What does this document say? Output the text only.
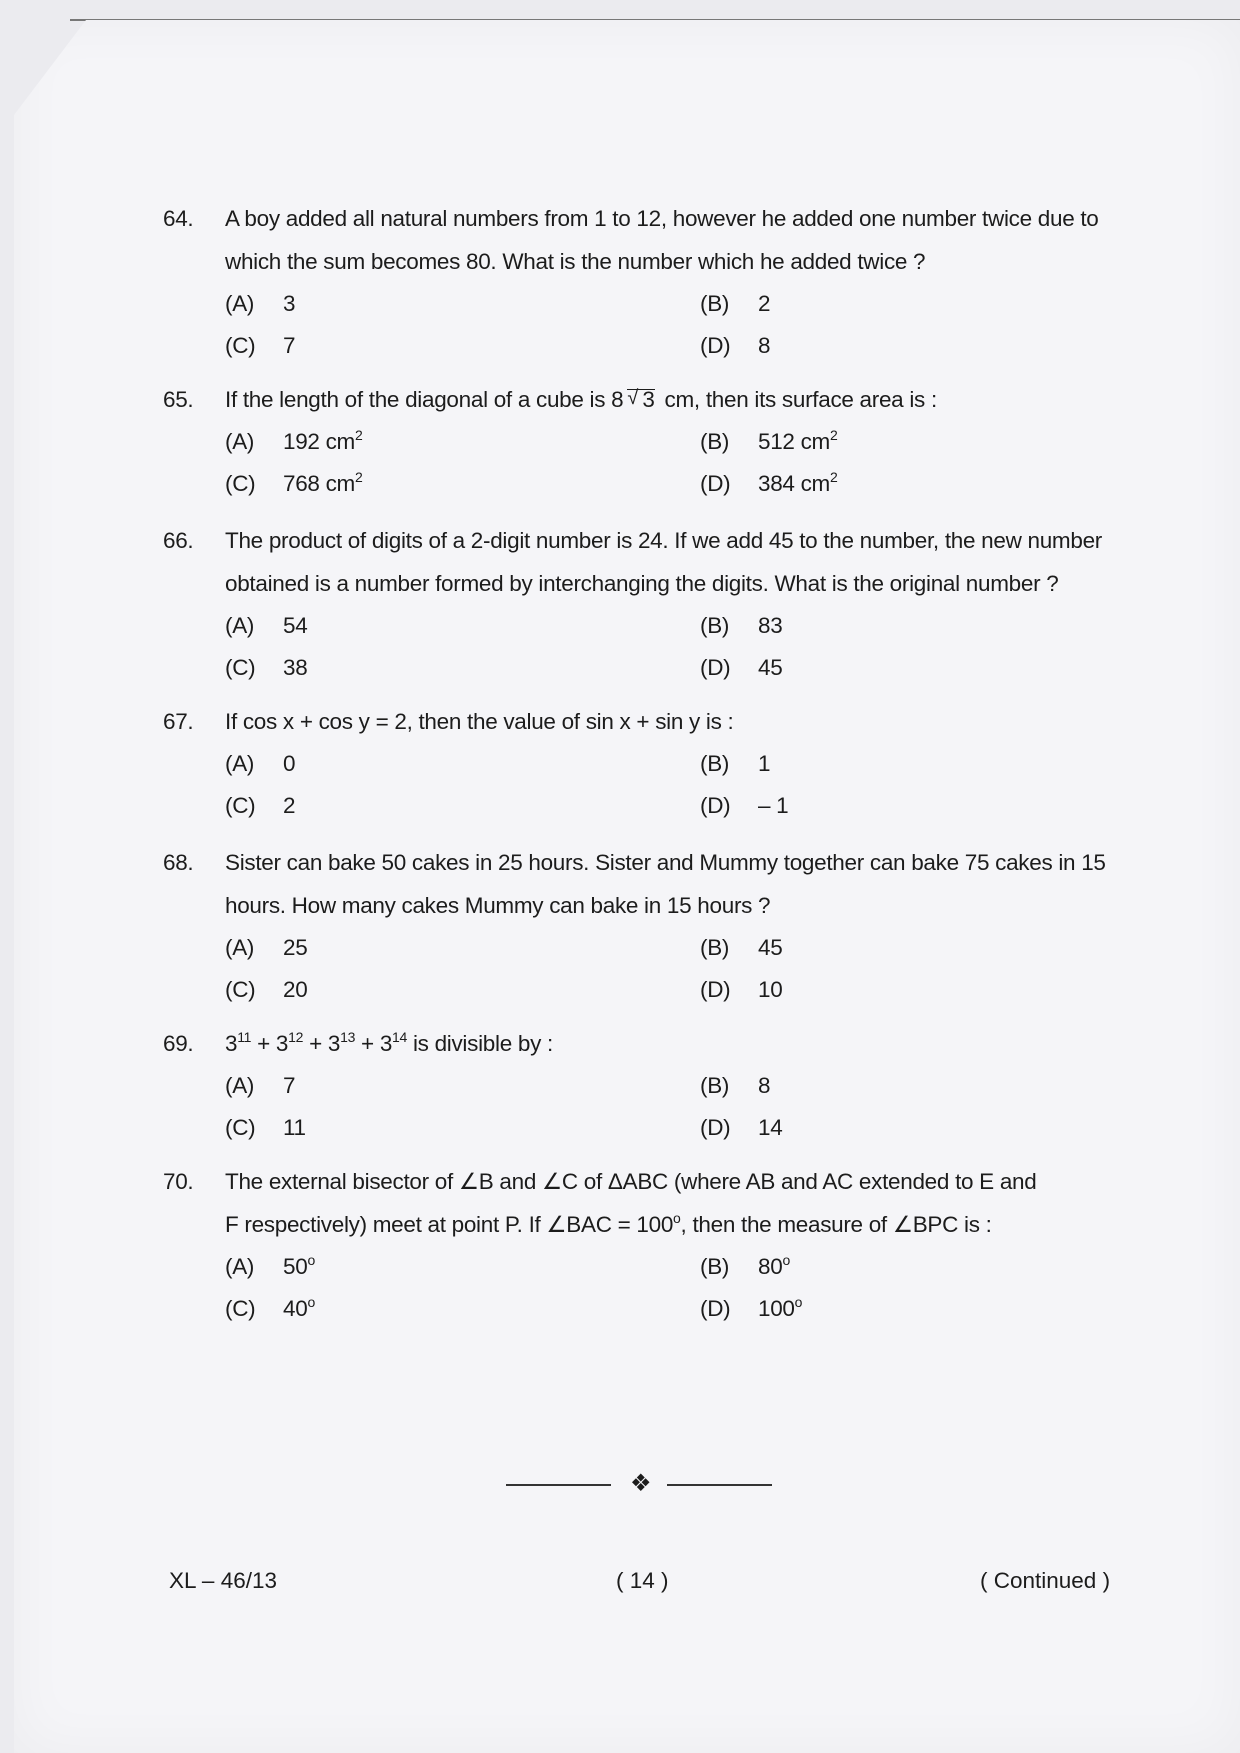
64.	A boy added all natural numbers from 1 to 12, however he added one number twice due to which the sum becomes 80. What is the number which he added twice ?
(A)	3	(B)	2
(C)	7	(D)	8
65.	If the length of the diagonal of a cube is 8√ 3 cm, then its surface area is :
(A)	192 $cm^2$	(B)	512 $cm^2$
(C)	768 $cm^2$	(D)	384 $cm^2$
66.	The product of digits of a 2-digit number is 24. If we add 45 to the number, the new number obtained is a number formed by interchanging the digits. What is the original number ?
(A)	54	(B)	83
(C)	38	(D)	45
67.	If cos x + cos y = 2, then the value of sin x + sin y is :
(A)	0	(B)	1
(C)	2	(D)	– 1
68.	Sister can bake 50 cakes in 25 hours. Sister and Mummy together can bake 75 cakes in 15 hours. How many cakes Mummy can bake in 15 hours ?
(A)	25	(B)	45
(C)	20	(D)	10
69.	$3^{11} + 3^{12} + 3^{13} + 3^{14}$ is divisible by :
(A)	7	(B)	8
(C)	11	(D)	14
70.	The external bisector of ∠B and ∠C of ΔABC (where AB and AC extended to E and
F respectively) meet at point P. If ∠BAC = $100^o$, then the measure of ∠BPC is :
(A)	50$^o$	(B)	80$^o$
(C)	40$^o$	(D)	100$^o$
❖
XL – 46/13	( 14 )	( Continued )
